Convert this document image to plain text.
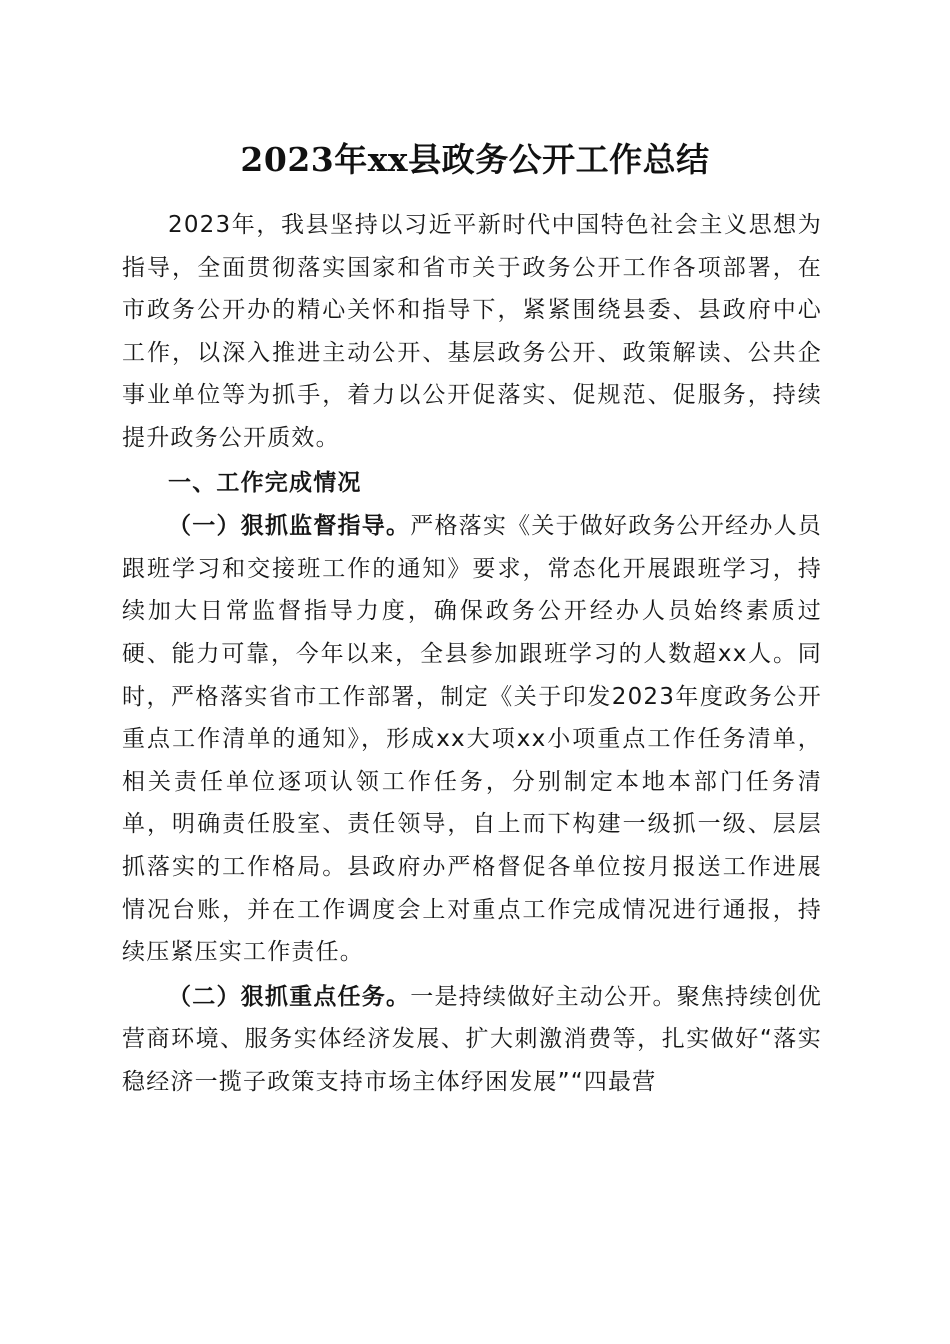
2023年xx县政务公开工作总结

2023年，我县坚持以习近平新时代中国特色社会主义思想为指导，全面贯彻落实国家和省市关于政务公开工作各项部署，在市政务公开办的精心关怀和指导下，紧紧围绕县委、县政府中心工作，以深入推进主动公开、基层政务公开、政策解读、公共企事业单位等为抓手，着力以公开促落实、促规范、促服务，持续提升政务公开质效。

一、工作完成情况

（一）狠抓监督指导。严格落实《关于做好政务公开经办人员跟班学习和交接班工作的通知》要求，常态化开展跟班学习，持续加大日常监督指导力度，确保政务公开经办人员始终素质过硬、能力可靠，今年以来，全县参加跟班学习的人数超xx人。同时，严格落实省市工作部署，制定《关于印发2023年度政务公开重点工作清单的通知》，形成xx大项xx小项重点工作任务清单，相关责任单位逐项认领工作任务，分别制定本地本部门任务清单，明确责任股室、责任领导，自上而下构建一级抓一级、层层抓落实的工作格局。县政府办严格督促各单位按月报送工作进展情况台账，并在工作调度会上对重点工作完成情况进行通报，持续压紧压实工作责任。

（二）狠抓重点任务。一是持续做好主动公开。聚焦持续创优营商环境、服务实体经济发展、扩大刺激消费等，扎实做好“落实稳经济一揽子政策支持市场主体纾困发展”“四最营
